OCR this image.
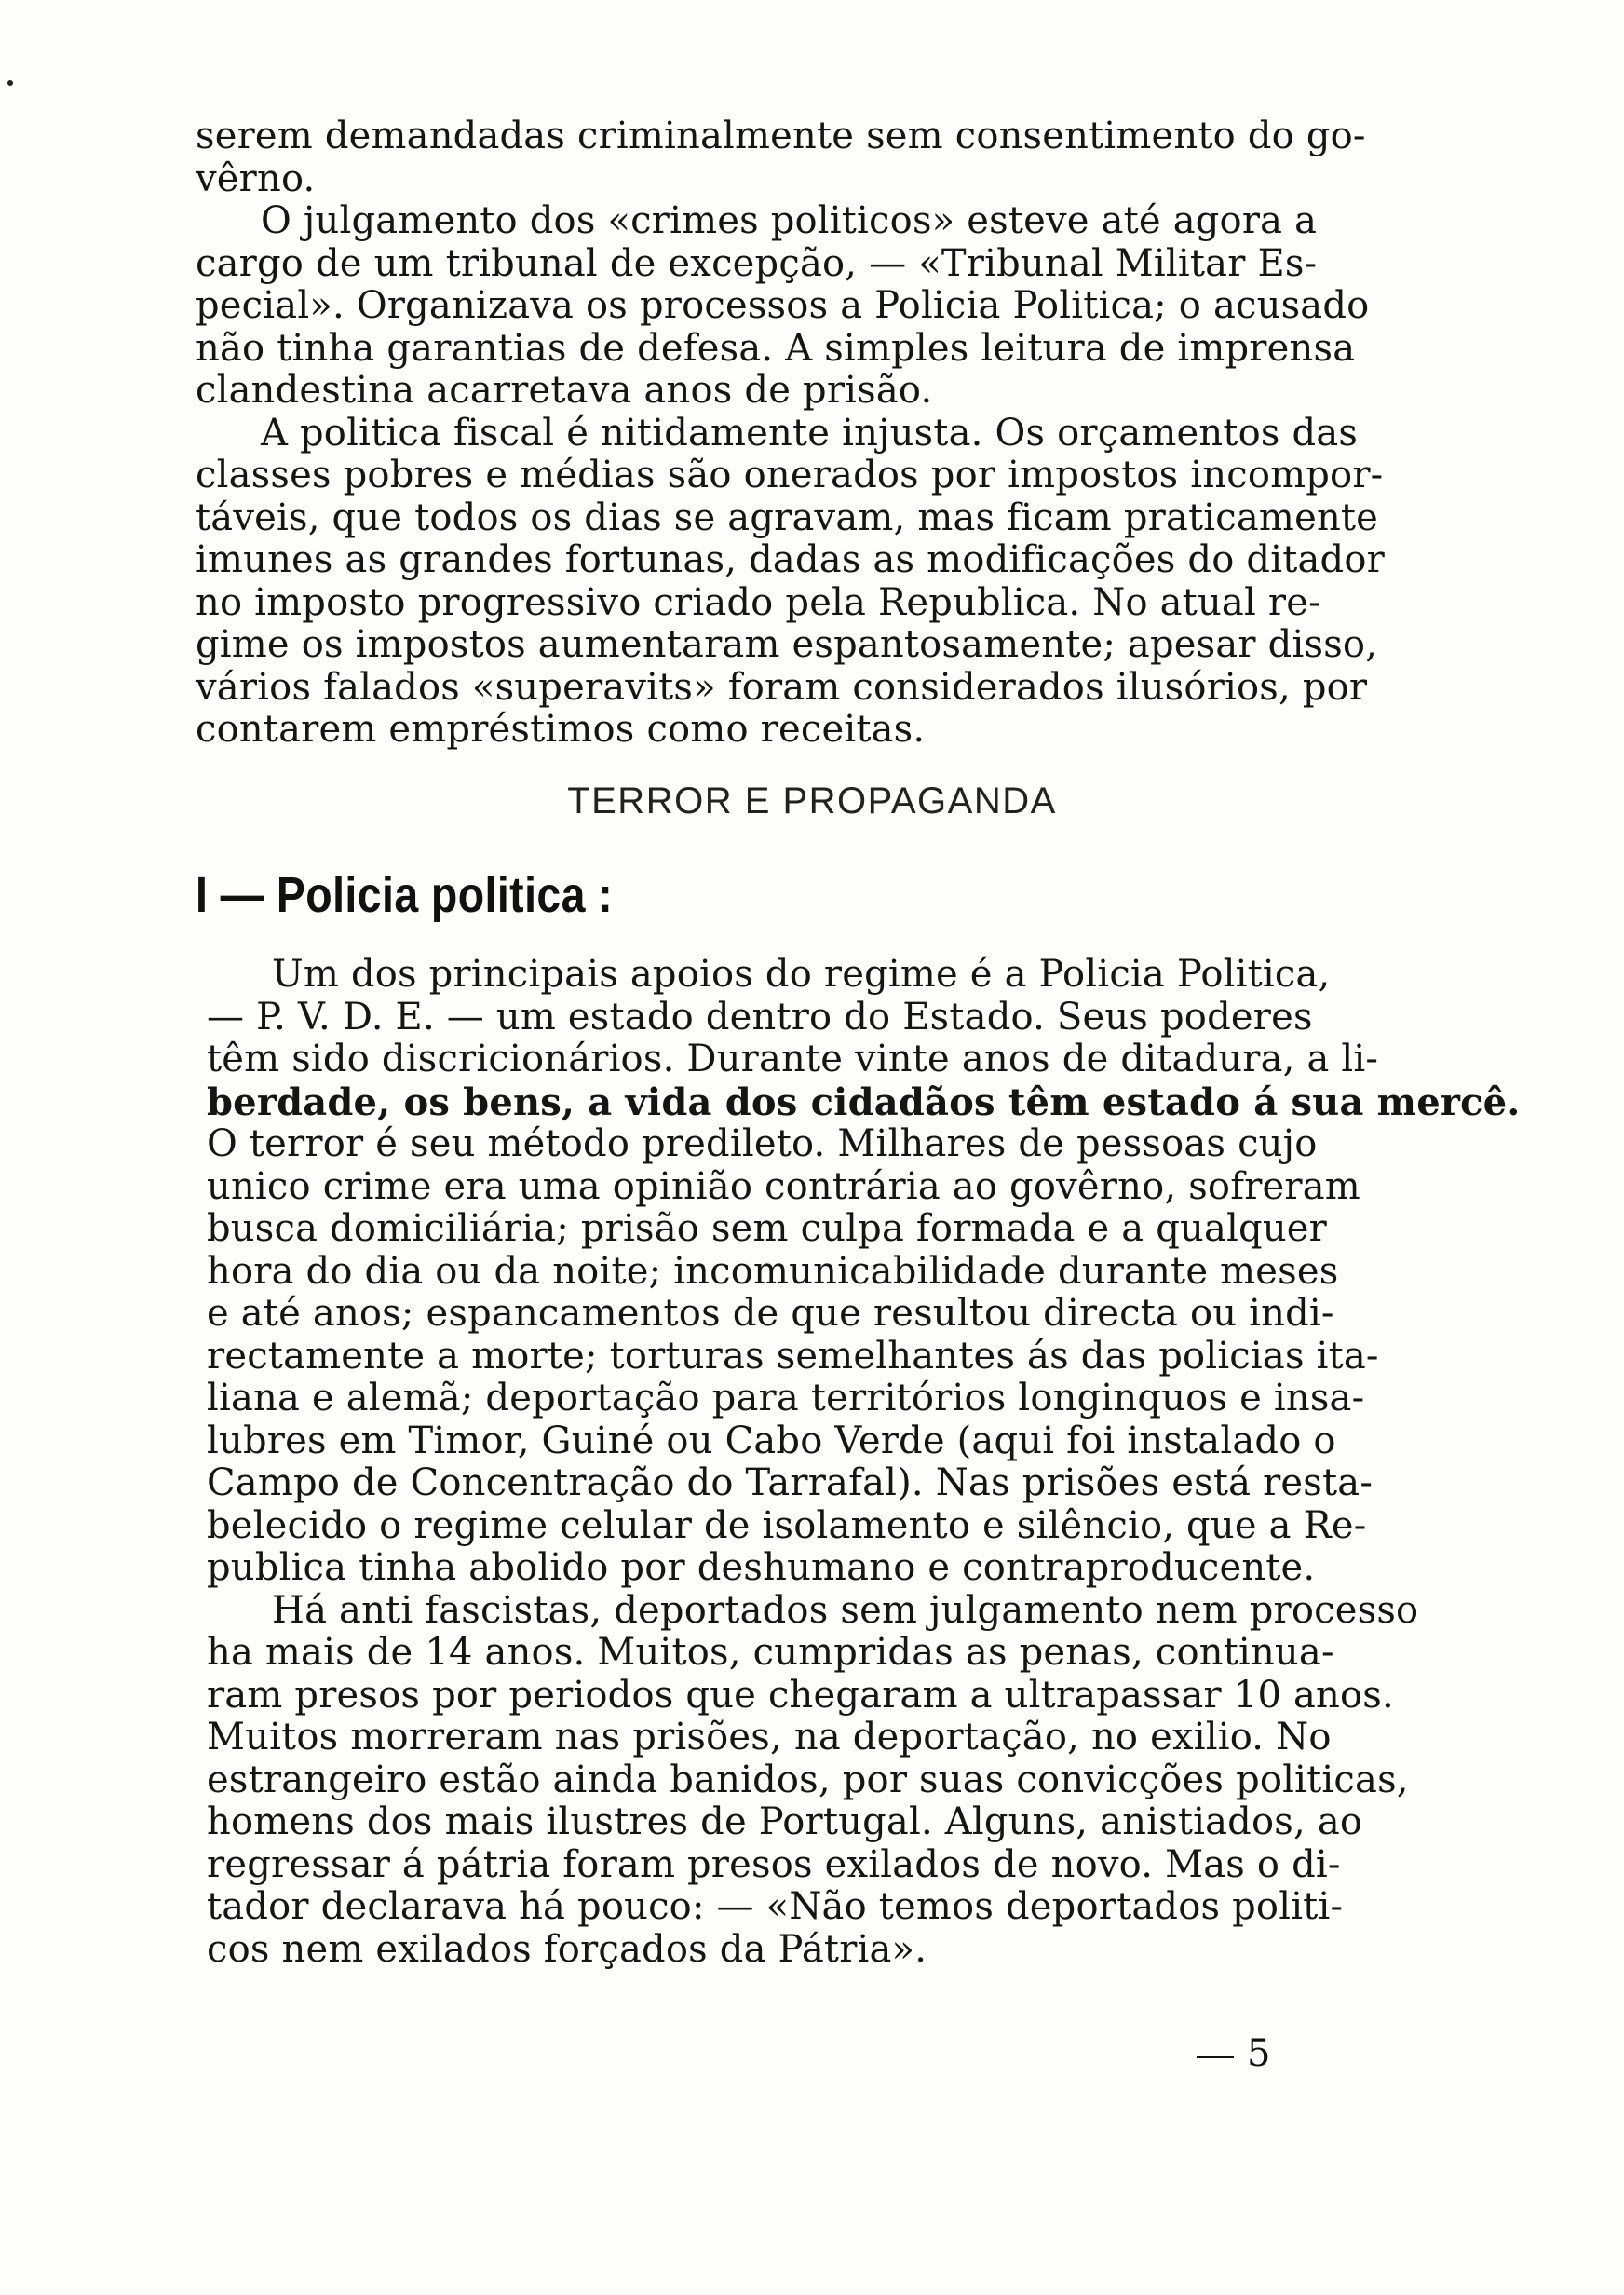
serem demandadas criminalmente sem consentimento do go-
vêrno.
O julgamento dos «crimes politicos» esteve até agora a
cargo de um tribunal de excepção, — «Tribunal Militar Es-
pecial». Organizava os processos a Policia Politica; o acusado
não tinha garantias de defesa. A simples leitura de imprensa
clandestina acarretava anos de prisão.
A politica fiscal é nitidamente injusta. Os orçamentos das
classes pobres e médias são onerados por impostos incompor-
táveis, que todos os dias se agravam, mas ficam praticamente
imunes as grandes fortunas, dadas as modificações do ditador
no imposto progressivo criado pela Republica. No atual re-
gime os impostos aumentaram espantosamente; apesar disso,
vários falados «superavits» foram considerados ilusórios, por
contarem empréstimos como receitas.
TERROR E PROPAGANDA
I — Policia politica :
Um dos principais apoios do regime é a Policia Politica,
— P. V. D. E. — um estado dentro do Estado. Seus poderes
têm sido discricionários. Durante vinte anos de ditadura, a li-
berdade, os bens, a vida dos cidadãos têm estado á sua mercê.
O terror é seu método predileto. Milhares de pessoas cujo
unico crime era uma opinião contrária ao govêrno, sofreram
busca domiciliária; prisão sem culpa formada e a qualquer
hora do dia ou da noite; incomunicabilidade durante meses
e até anos; espancamentos de que resultou directa ou indi-
rectamente a morte; torturas semelhantes ás das policias ita-
liana e alemã; deportação para territórios longinquos e insa-
lubres em Timor, Guiné ou Cabo Verde (aqui foi instalado o
Campo de Concentração do Tarrafal). Nas prisões está resta-
belecido o regime celular de isolamento e silêncio, que a Re-
publica tinha abolido por deshumano e contraproducente.
Há anti fascistas, deportados sem julgamento nem processo
ha mais de 14 anos. Muitos, cumpridas as penas, continua-
ram presos por periodos que chegaram a ultrapassar 10 anos.
Muitos morreram nas prisões, na deportação, no exilio. No
estrangeiro estão ainda banidos, por suas convicções politicas,
homens dos mais ilustres de Portugal. Alguns, anistiados, ao
regressar á pátria foram presos exilados de novo. Mas o di-
tador declarava há pouco: — «Não temos deportados politi-
cos nem exilados forçados da Pátria».
5
